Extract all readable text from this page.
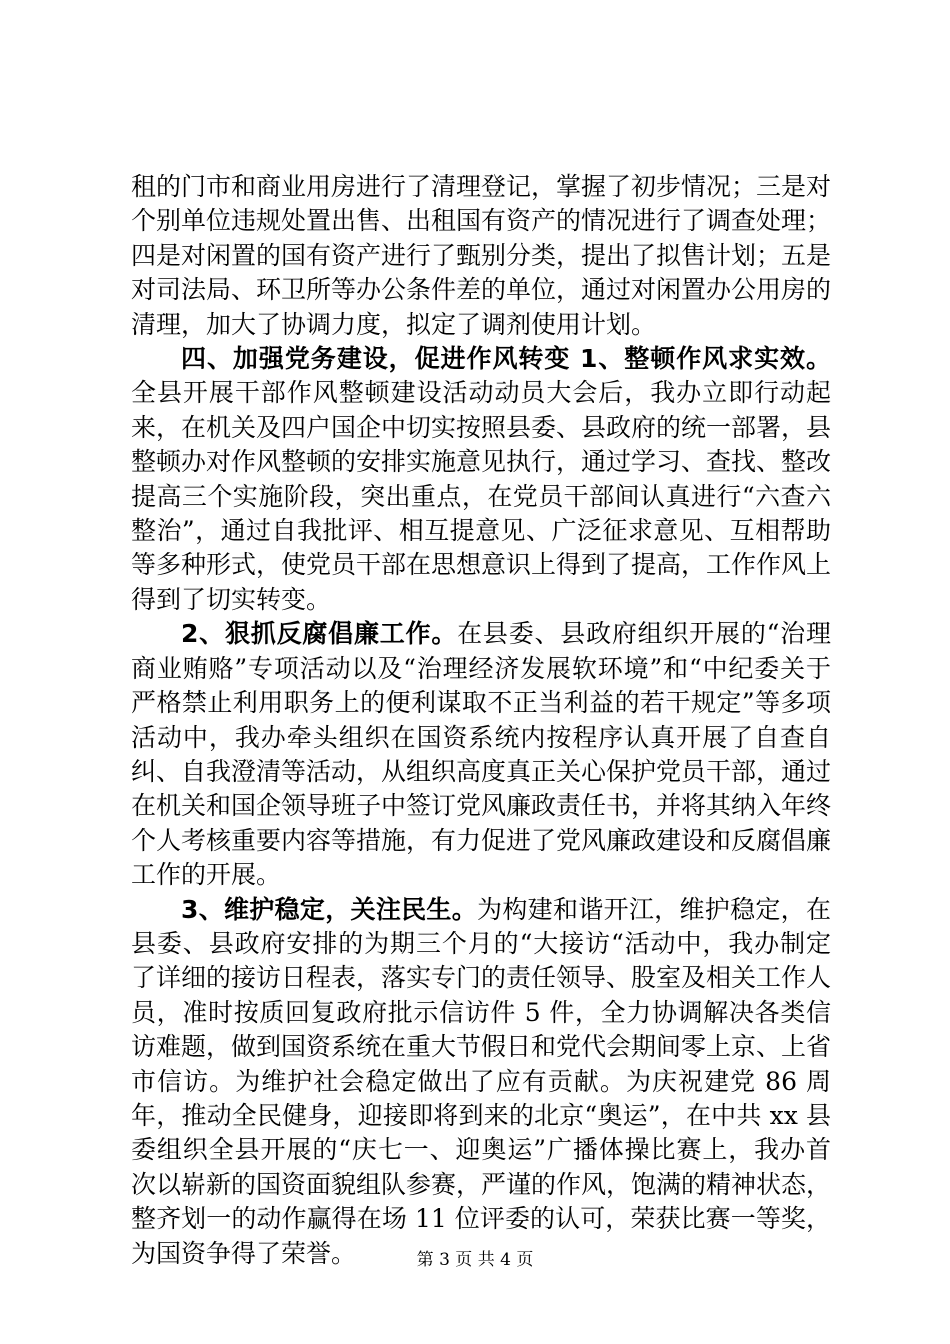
租的门市和商业用房进行了清理登记，掌握了初步情况；三是对个别单位违规处置出售、出租国有资产的情况进行了调查处理；四是对闲置的国有资产进行了甄别分类，提出了拟售计划；五是对司法局、环卫所等办公条件差的单位，通过对闲置办公用房的清理，加大了协调力度，拟定了调剂使用计划。

四、加强党务建设，促进作风转变 1、整顿作风求实效。全县开展干部作风整顿建设活动动员大会后，我办立即行动起来，在机关及四户国企中切实按照县委、县政府的统一部署，县整顿办对作风整顿的安排实施意见执行，通过学习、查找、整改提高三个实施阶段，突出重点，在党员干部间认真进行“六查六整治”，通过自我批评、相互提意见、广泛征求意见、互相帮助等多种形式，使党员干部在思想意识上得到了提高，工作作风上得到了切实转变。

2、狠抓反腐倡廉工作。在县委、县政府组织开展的“治理商业贿赂”专项活动以及“治理经济发展软环境”和“中纪委关于严格禁止利用职务上的便利谋取不正当利益的若干规定”等多项活动中，我办牵头组织在国资系统内按程序认真开展了自查自纠、自我澄清等活动，从组织高度真正关心保护党员干部，通过在机关和国企领导班子中签订党风廉政责任书，并将其纳入年终个人考核重要内容等措施，有力促进了党风廉政建设和反腐倡廉工作的开展。

3、维护稳定，关注民生。为构建和谐开江，维护稳定，在县委、县政府安排的为期三个月的“大接访“活动中，我办制定了详细的接访日程表，落实专门的责任领导、股室及相关工作人员，准时按质回复政府批示信访件 5 件，全力协调解决各类信访难题，做到国资系统在重大节假日和党代会期间零上京、上省市信访。为维护社会稳定做出了应有贡献。为庆祝建党 86 周年，推动全民健身，迎接即将到来的北京“奥运”，在中共 xx 县委组织全县开展的“庆七一、迎奥运”广播体操比赛上，我办首次以崭新的国资面貌组队参赛，严谨的作风，饱满的精神状态，整齐划一的动作赢得在场 11 位评委的认可，荣获比赛一等奖，为国资争得了荣誉。	第 3 页 共 4 页
